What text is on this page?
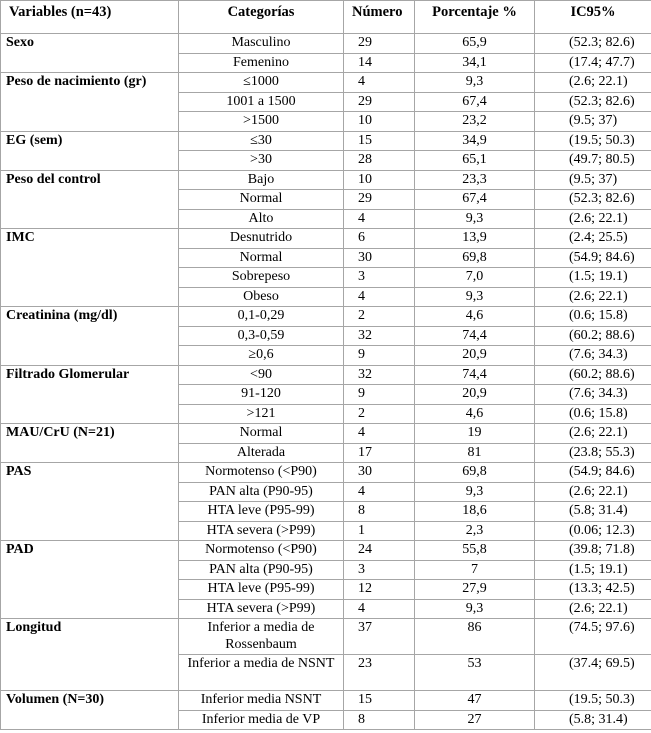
Variables (n=43)	Categorías	Número	Porcentaje %	IC95%
Sexo	Masculino	29	65,9	(52.3; 82.6)
	Femenino	14	34,1	(17.4; 47.7)
Peso de nacimiento (gr)	≤1000	4	9,3	(2.6; 22.1)
	1001 a 1500	29	67,4	(52.3; 82.6)
	>1500	10	23,2	(9.5; 37)
EG (sem)	≤30	15	34,9	(19.5; 50.3)
	>30	28	65,1	(49.7; 80.5)
Peso del control	Bajo	10	23,3	(9.5; 37)
	Normal	29	67,4	(52.3; 82.6)
	Alto	4	9,3	(2.6; 22.1)
IMC	Desnutrido	6	13,9	(2.4; 25.5)
	Normal	30	69,8	(54.9; 84.6)
	Sobrepeso	3	7,0	(1.5; 19.1)
	Obeso	4	9,3	(2.6; 22.1)
Creatinina (mg/dl)	0,1-0,29	2	4,6	(0.6; 15.8)
	0,3-0,59	32	74,4	(60.2; 88.6)
	≥0,6	9	20,9	(7.6; 34.3)
Filtrado Glomerular	<90	32	74,4	(60.2; 88.6)
	91-120	9	20,9	(7.6; 34.3)
	>121	2	4,6	(0.6; 15.8)
MAU/CrU (N=21)	Normal	4	19	(2.6; 22.1)
	Alterada	17	81	(23.8; 55.3)
PAS	Normotenso (<P90)	30	69,8	(54.9; 84.6)
	PAN alta (P90-95)	4	9,3	(2.6; 22.1)
	HTA leve (P95-99)	8	18,6	(5.8; 31.4)
	HTA severa (>P99)	1	2,3	(0.06; 12.3)
PAD	Normotenso (<P90)	24	55,8	(39.8; 71.8)
	PAN alta (P90-95)	3	7	(1.5; 19.1)
	HTA leve (P95-99)	12	27,9	(13.3; 42.5)
	HTA severa (>P99)	4	9,3	(2.6; 22.1)
Longitud	Inferior a media de Rossenbaum	37	86	(74.5; 97.6)
	Inferior a media de NSNT	23	53	(37.4; 69.5)
Volumen (N=30)	Inferior media NSNT	15	47	(19.5; 50.3)
	Inferior media de VP	8	27	(5.8; 31.4)
